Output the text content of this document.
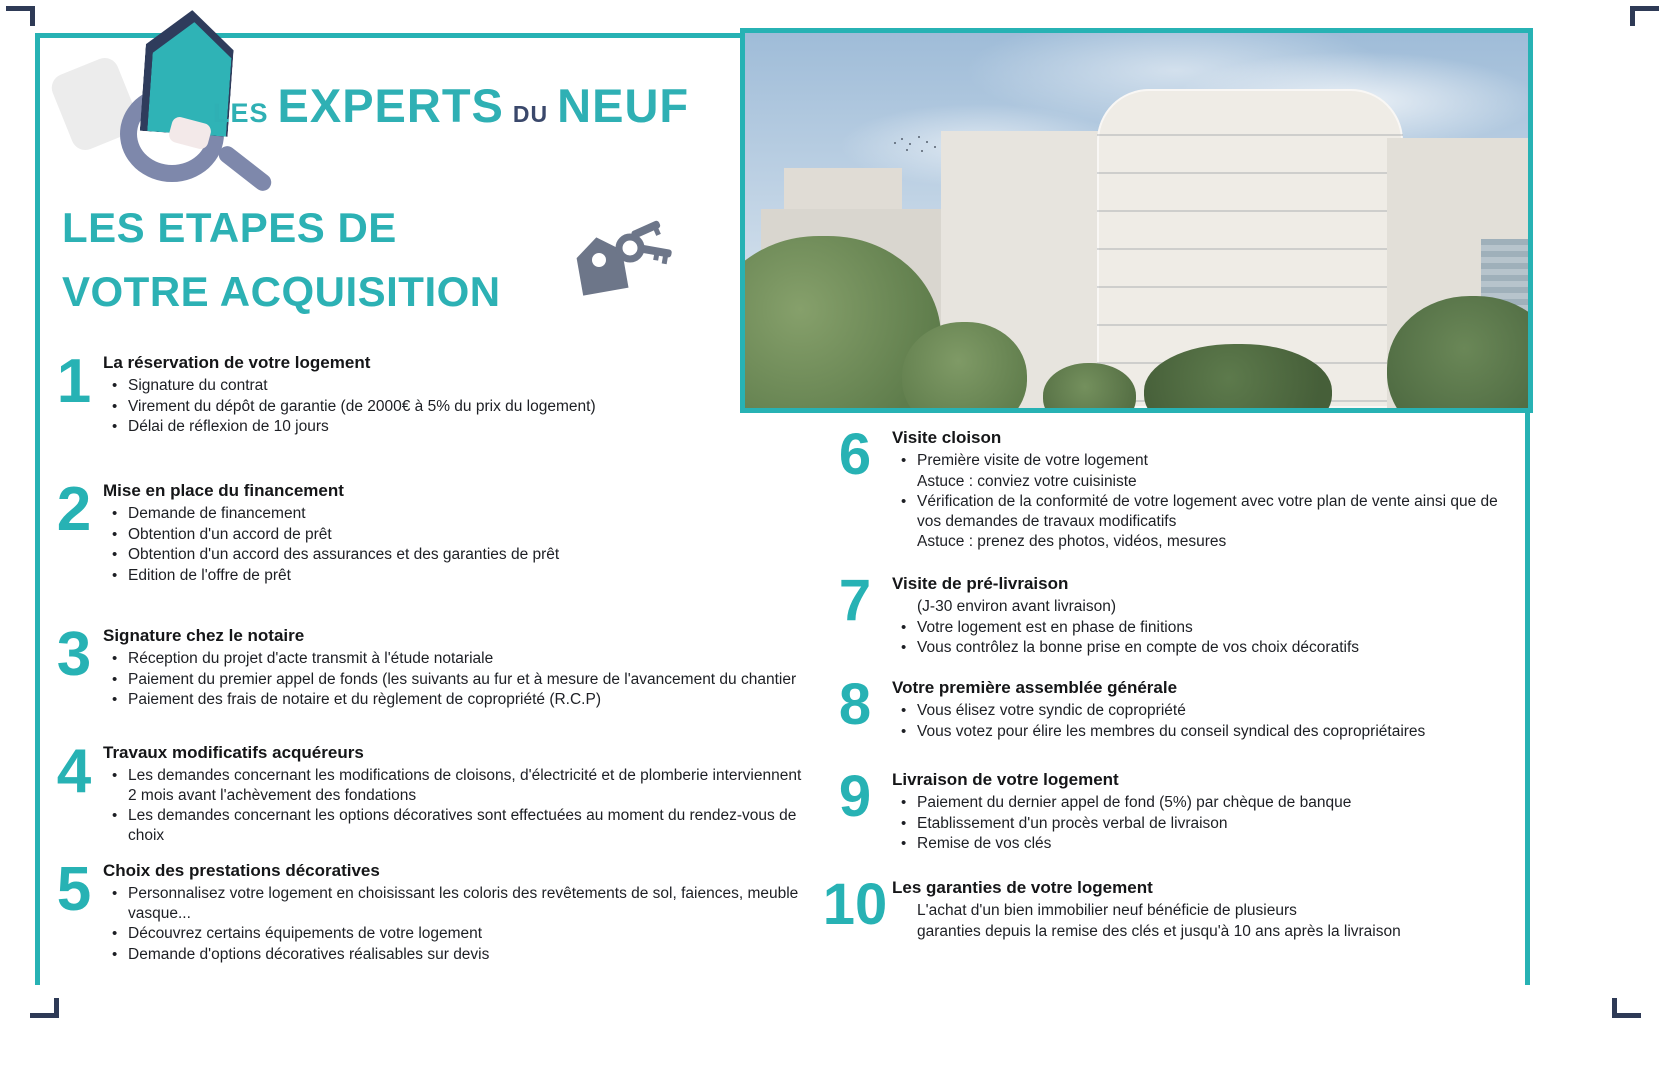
LES EXPERTS DU NEUF
LES ETAPES DE
VOTRE ACQUISITION
1 La réservation de votre logement
• Signature du contrat
• Virement du dépôt de garantie (de 2000€ à 5% du prix du logement)
• Délai de réflexion de 10 jours
2 Mise en place du financement
• Demande de financement
• Obtention d'un accord de prêt
• Obtention d'un accord des assurances et des garanties de prêt
• Edition de l'offre de prêt
3 Signature chez le notaire
• Réception du projet d'acte transmit à l'étude notariale
• Paiement du premier appel de fonds (les suivants au fur et à mesure de l'avancement du chantier
• Paiement des frais de notaire et du règlement de copropriété (R.C.P)
4 Travaux modificatifs acquéreurs
• Les demandes concernant les modifications de cloisons, d'électricité et de plomberie interviennent 2 mois avant l'achèvement des fondations
• Les demandes concernant les options décoratives sont effectuées au moment du rendez-vous de choix
5 Choix des prestations décoratives
• Personnalisez votre logement en choisissant les coloris des revêtements de sol, faiences, meuble vasque...
• Découvrez certains équipements de votre logement
• Demande d'options décoratives réalisables sur devis
6	Visite cloison
• Première visite de votre logement
Astuce : conviez votre cuisiniste
• Vérification de la conformité de votre logement avec votre plan de vente ainsi que de vos demandes de travaux modificatifs
Astuce : prenez des photos, vidéos, mesures
7	Visite de pré-livraison
(J-30 environ avant livraison)
• Votre logement est en phase de finitions
• Vous contrôlez la bonne prise en compte de vos choix décoratifs
8	Votre première assemblée générale
• Vous élisez votre syndic de copropriété
• Vous votez pour élire les membres du conseil syndical des copropriétaires
9	Livraison de votre logement
• Paiement du dernier appel de fond (5%) par chèque de banque
• Etablissement d'un procès verbal de livraison
• Remise de vos clés
10 Les garanties de votre logement
L'achat d'un bien immobilier neuf bénéficie de plusieurs
garanties depuis la remise des clés et jusqu'à 10 ans après la livraison
